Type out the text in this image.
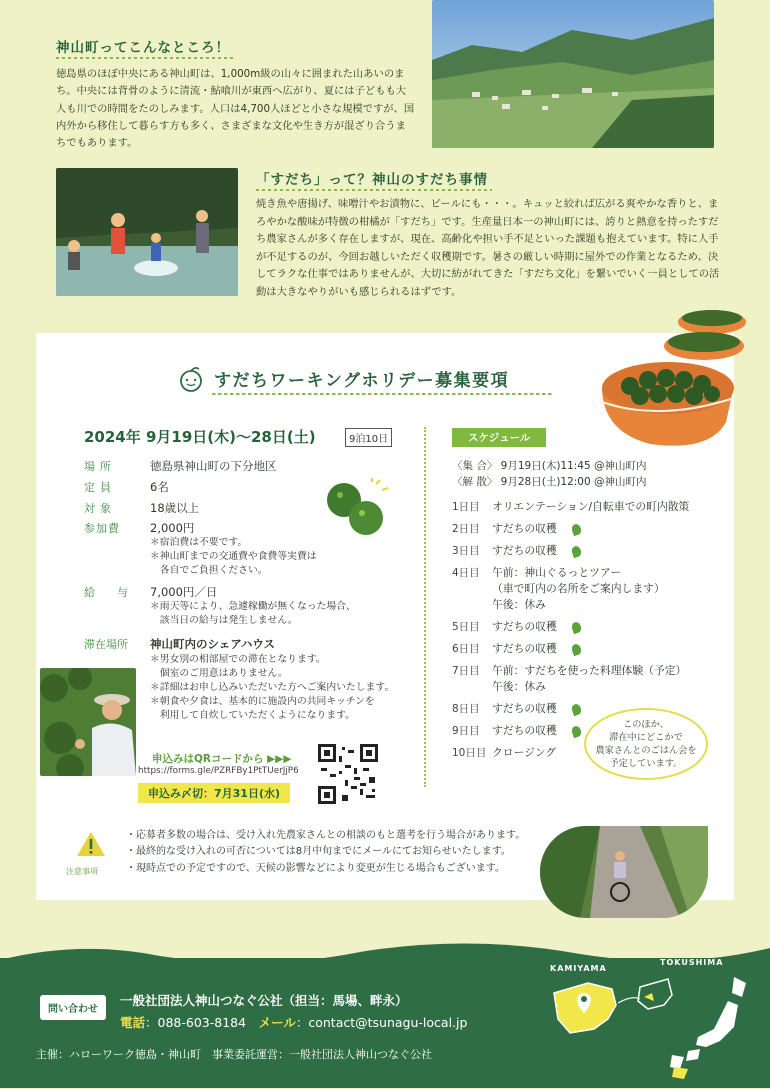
神山町ってこんなところ！
徳島県のほぼ中央にある神山町は、1,000m級の山々に囲まれた山あいのまち。中央には背骨のように清流・鮎喰川が東西へ広がり、夏には子どもも大人も川での時間をたのしみます。人口は4,700人ほどと小さな規模ですが、国内外から移住して暮らす方も多く、さまざまな文化や生き方が混ざり合うまちでもあります。
「すだち」って？神山のすだち事情
焼き魚や唐揚げ、味噌汁やお漬物に、ビールにも・・・。キュッと絞れば広がる爽やかな香りと、まろやかな酸味が特徴の柑橘が「すだち」です。生産量日本一の神山町には、誇りと熱意を持ったすだち農家さんが多く存在しますが、現在、高齢化や担い手不足といった課題も抱えています。特に人手が不足するのが、今回お越しいただく収穫期です。暑さの厳しい時期に屋外での作業となるため、決してラクな仕事ではありませんが、大切に紡がれてきた「すだち文化」を繋いでいく一員としての活動は大きなやりがいも感じられるはずです。
すだちワーキングホリデー募集要項
2024年 9月19日(木)～28日(土)	9泊10日
場所	徳島県神山町の下分地区
定員	6名
対象	18歳以上
参加費	2,000円
＊宿泊費は不要です。
＊神山町までの交通費や食費等実費は
　各自でご負担ください。
給与 7,000円／日
＊雨天等により、急遽稼働が無くなった場合、
　該当日の給与は発生しません。
滞在場所 神山町内のシェアハウス
＊男女別の相部屋での滞在となります。
　個室のご用意はありません。
＊詳細はお申し込みいただいた方へご案内いたします。
＊朝食や夕食は、基本的に施設内の共同キッチンを
　利用して自炊していただくようになります。
申込みはQRコードから ▶▶▶
https://forms.gle/PZRFBy1PtTUerJjP6
申込み〆切：7月31日(水)
スケジュール
〈集 合〉 9月19日(木)11:45 @神山町内
〈解 散〉 9月28日(土)12:00 @神山町内
1日目 オリエンテーション/自転車での町内散策
2日目 すだちの収穫
3日目 すだちの収穫
4日目 午前：神山ぐるっとツアー
（車で町内の名所をご案内します）
午後：休み
5日目 すだちの収穫
6日目 すだちの収穫
7日目 午前：すだちを使った料理体験（予定）
午後：休み
8日目 すだちの収穫
9日目 すだちの収穫
10日目 クロージング
このほか、
滞在中にどこかで
農家さんとのごはん会を
予定しています。
注意事項
・応募者多数の場合は、受け入れ先農家さんとの相談のもと選考を行う場合があります。
・最終的な受け入れの可否については8月中旬までにメールにてお知らせいたします。
・現時点での予定ですので、天候の影響などにより変更が生じる場合もございます。
問い合わせ
一般社団法人神山つなぐ公社（担当：馬場、畔永）
電話：088-603-8184　 メール：contact@tsunagu-local.jp
主催：ハローワーク徳島・神山町　事業委託運営：一般社団法人神山つなぐ公社
KAMIYAMA
TOKUSHIMA
